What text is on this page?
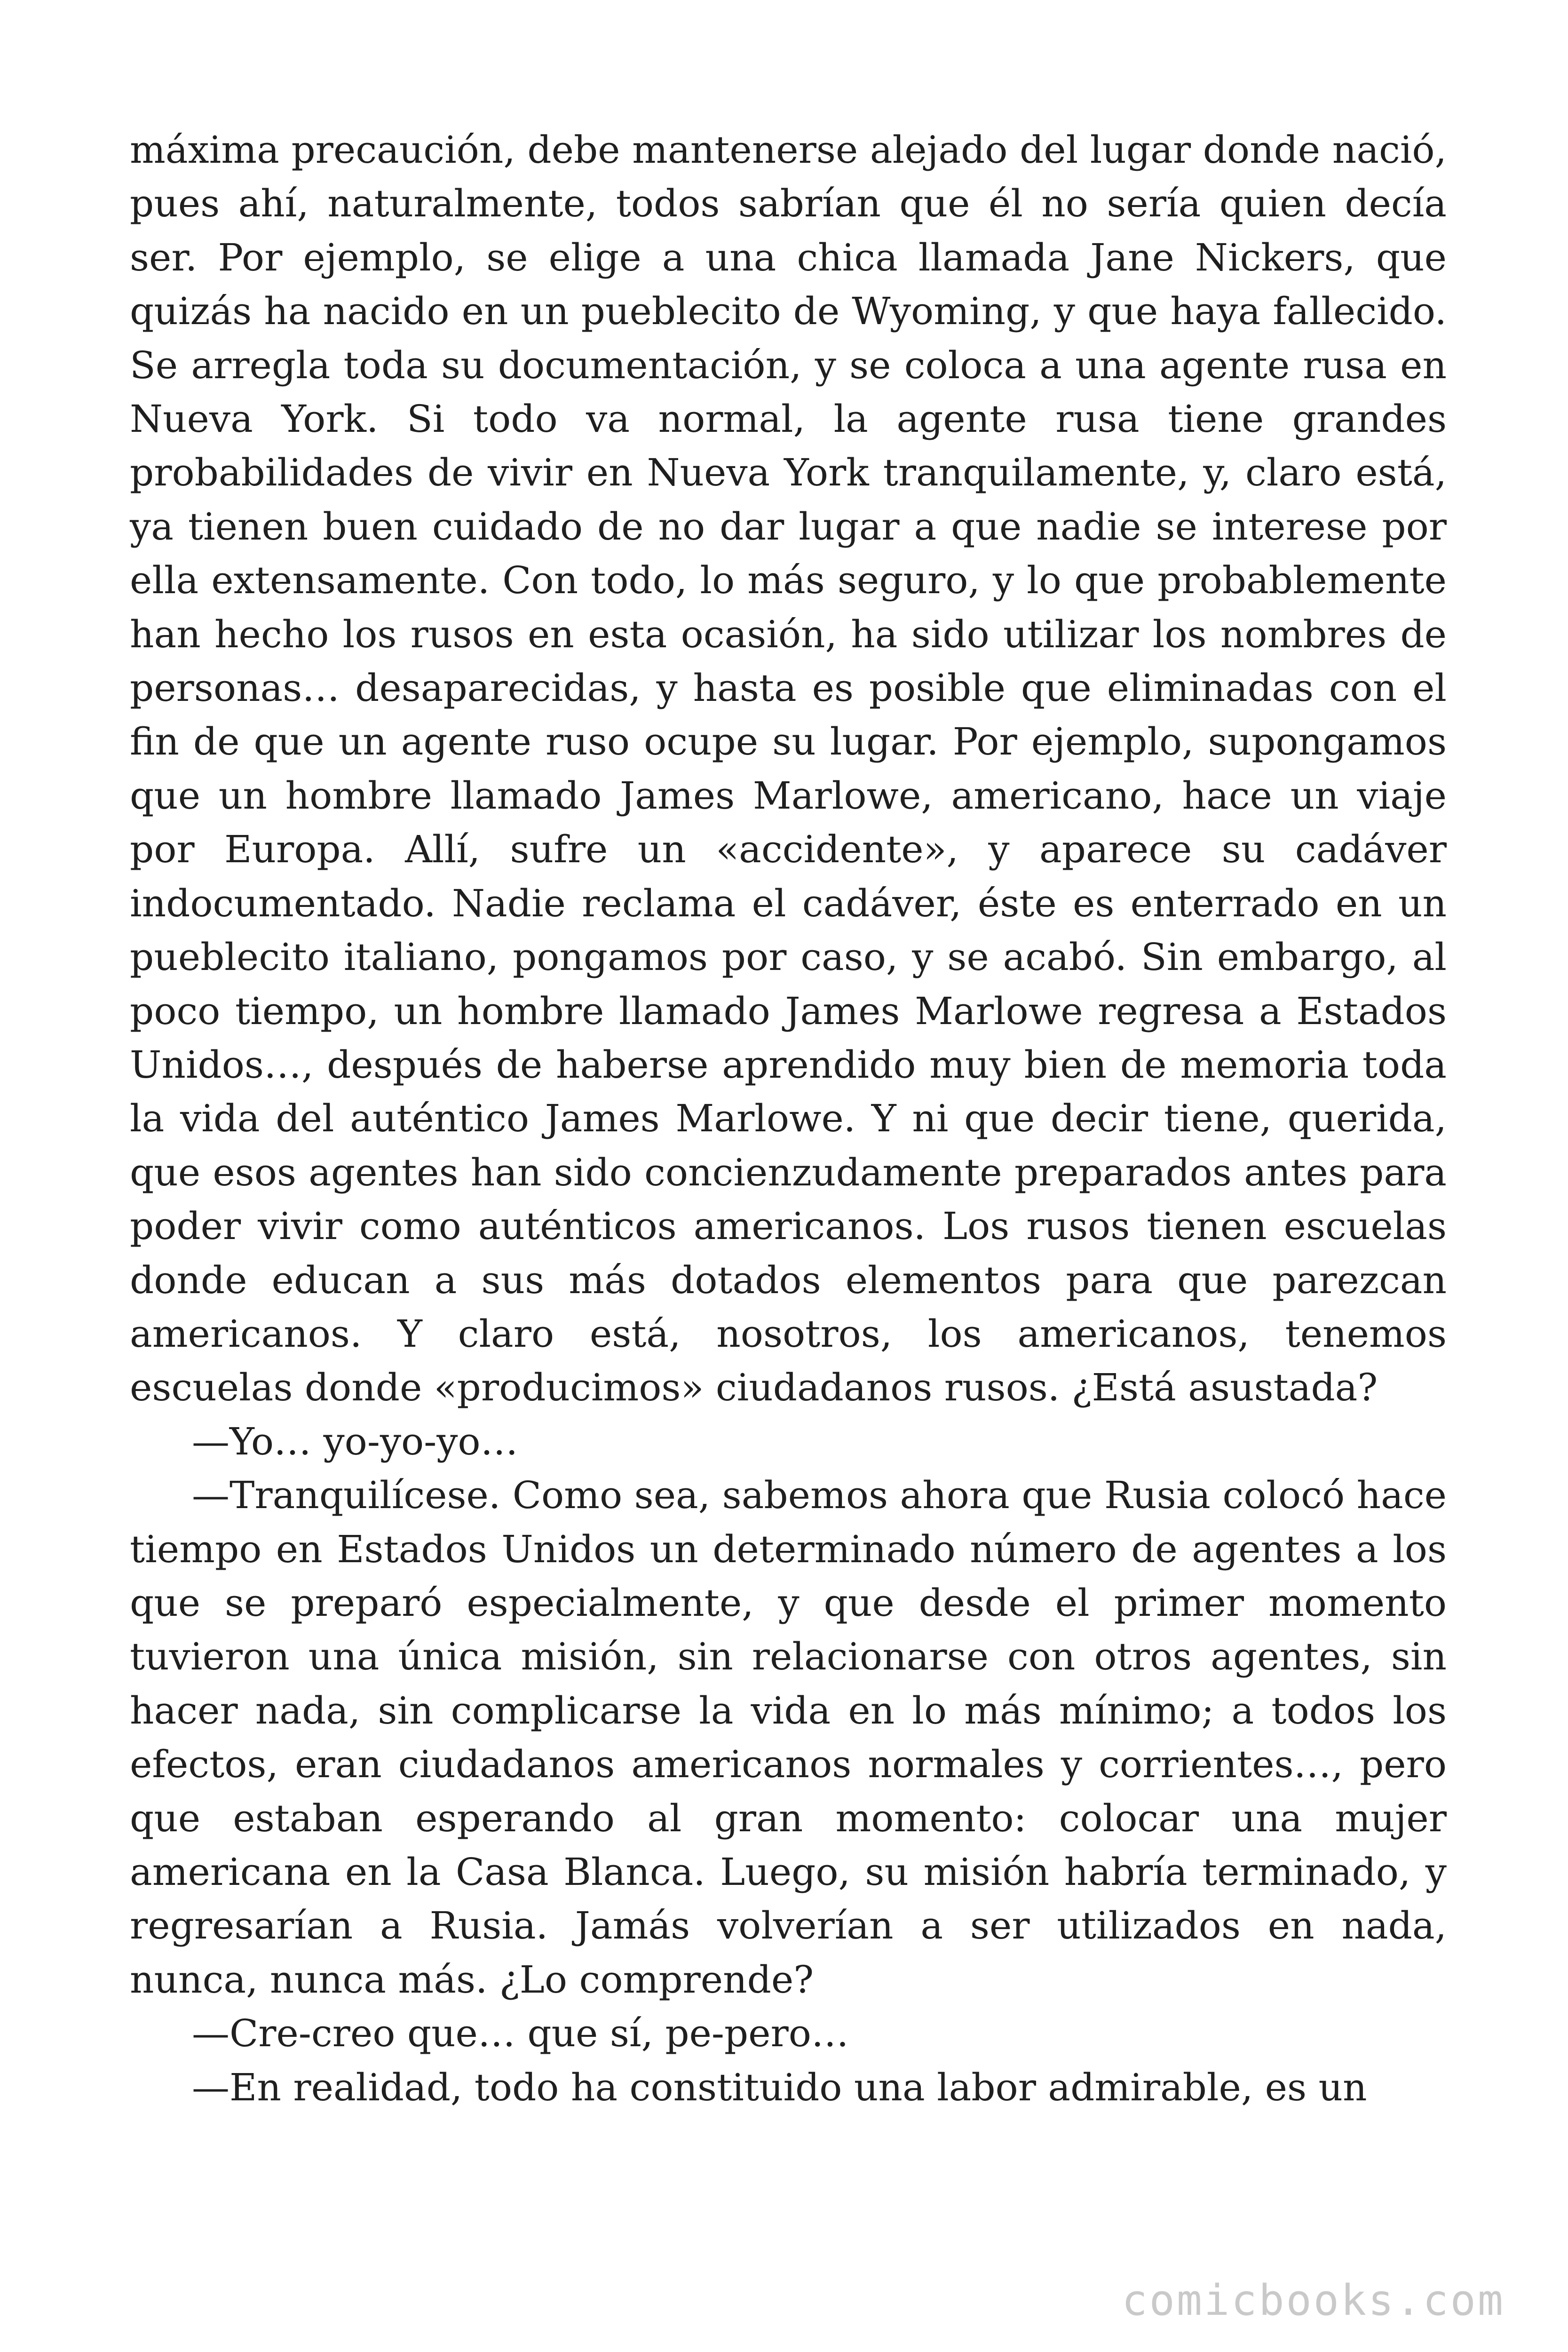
máxima precaución, debe mantenerse alejado del lugar donde nació, pues ahí, naturalmente, todos sabrían que él no sería quien decía ser. Por ejemplo, se elige a una chica llamada Jane Nickers, que quizás ha nacido en un pueblecito de Wyoming, y que haya fallecido. Se arregla toda su documentación, y se coloca a una agente rusa en Nueva York. Si todo va normal, la agente rusa tiene grandes probabilidades de vivir en Nueva York tranquilamente, y, claro está, ya tienen buen cuidado de no dar lugar a que nadie se interese por ella extensamente. Con todo, lo más seguro, y lo que probablemente han hecho los rusos en esta ocasión, ha sido utilizar los nombres de personas… desaparecidas, y hasta es posible que eliminadas con el fin de que un agente ruso ocupe su lugar. Por ejemplo, supongamos que un hombre llamado James Marlowe, americano, hace un viaje por Europa. Allí, sufre un «accidente», y aparece su cadáver indocumentado. Nadie reclama el cadáver, éste es enterrado en un pueblecito italiano, pongamos por caso, y se acabó. Sin embargo, al poco tiempo, un hombre llamado James Marlowe regresa a Estados Unidos…, después de haberse aprendido muy bien de memoria toda la vida del auténtico James Marlowe. Y ni que decir tiene, querida, que esos agentes han sido concienzudamente preparados antes para poder vivir como auténticos americanos. Los rusos tienen escuelas donde educan a sus más dotados elementos para que parezcan americanos. Y claro está, nosotros, los americanos, tenemos escuelas donde «producimos» ciudadanos rusos. ¿Está asustada?

—Yo… yo-yo-yo…

—Tranquilícese. Como sea, sabemos ahora que Rusia colocó hace tiempo en Estados Unidos un determinado número de agentes a los que se preparó especialmente, y que desde el primer momento tuvieron una única misión, sin relacionarse con otros agentes, sin hacer nada, sin complicarse la vida en lo más mínimo; a todos los efectos, eran ciudadanos americanos normales y corrientes…, pero que estaban esperando al gran momento: colocar una mujer americana en la Casa Blanca. Luego, su misión habría terminado, y regresarían a Rusia. Jamás volverían a ser utilizados en nada, nunca, nunca más. ¿Lo comprende?

—Cre-creo que… que sí, pe-pero…

—En realidad, todo ha constituido una labor admirable, es un

comicbooks.com
